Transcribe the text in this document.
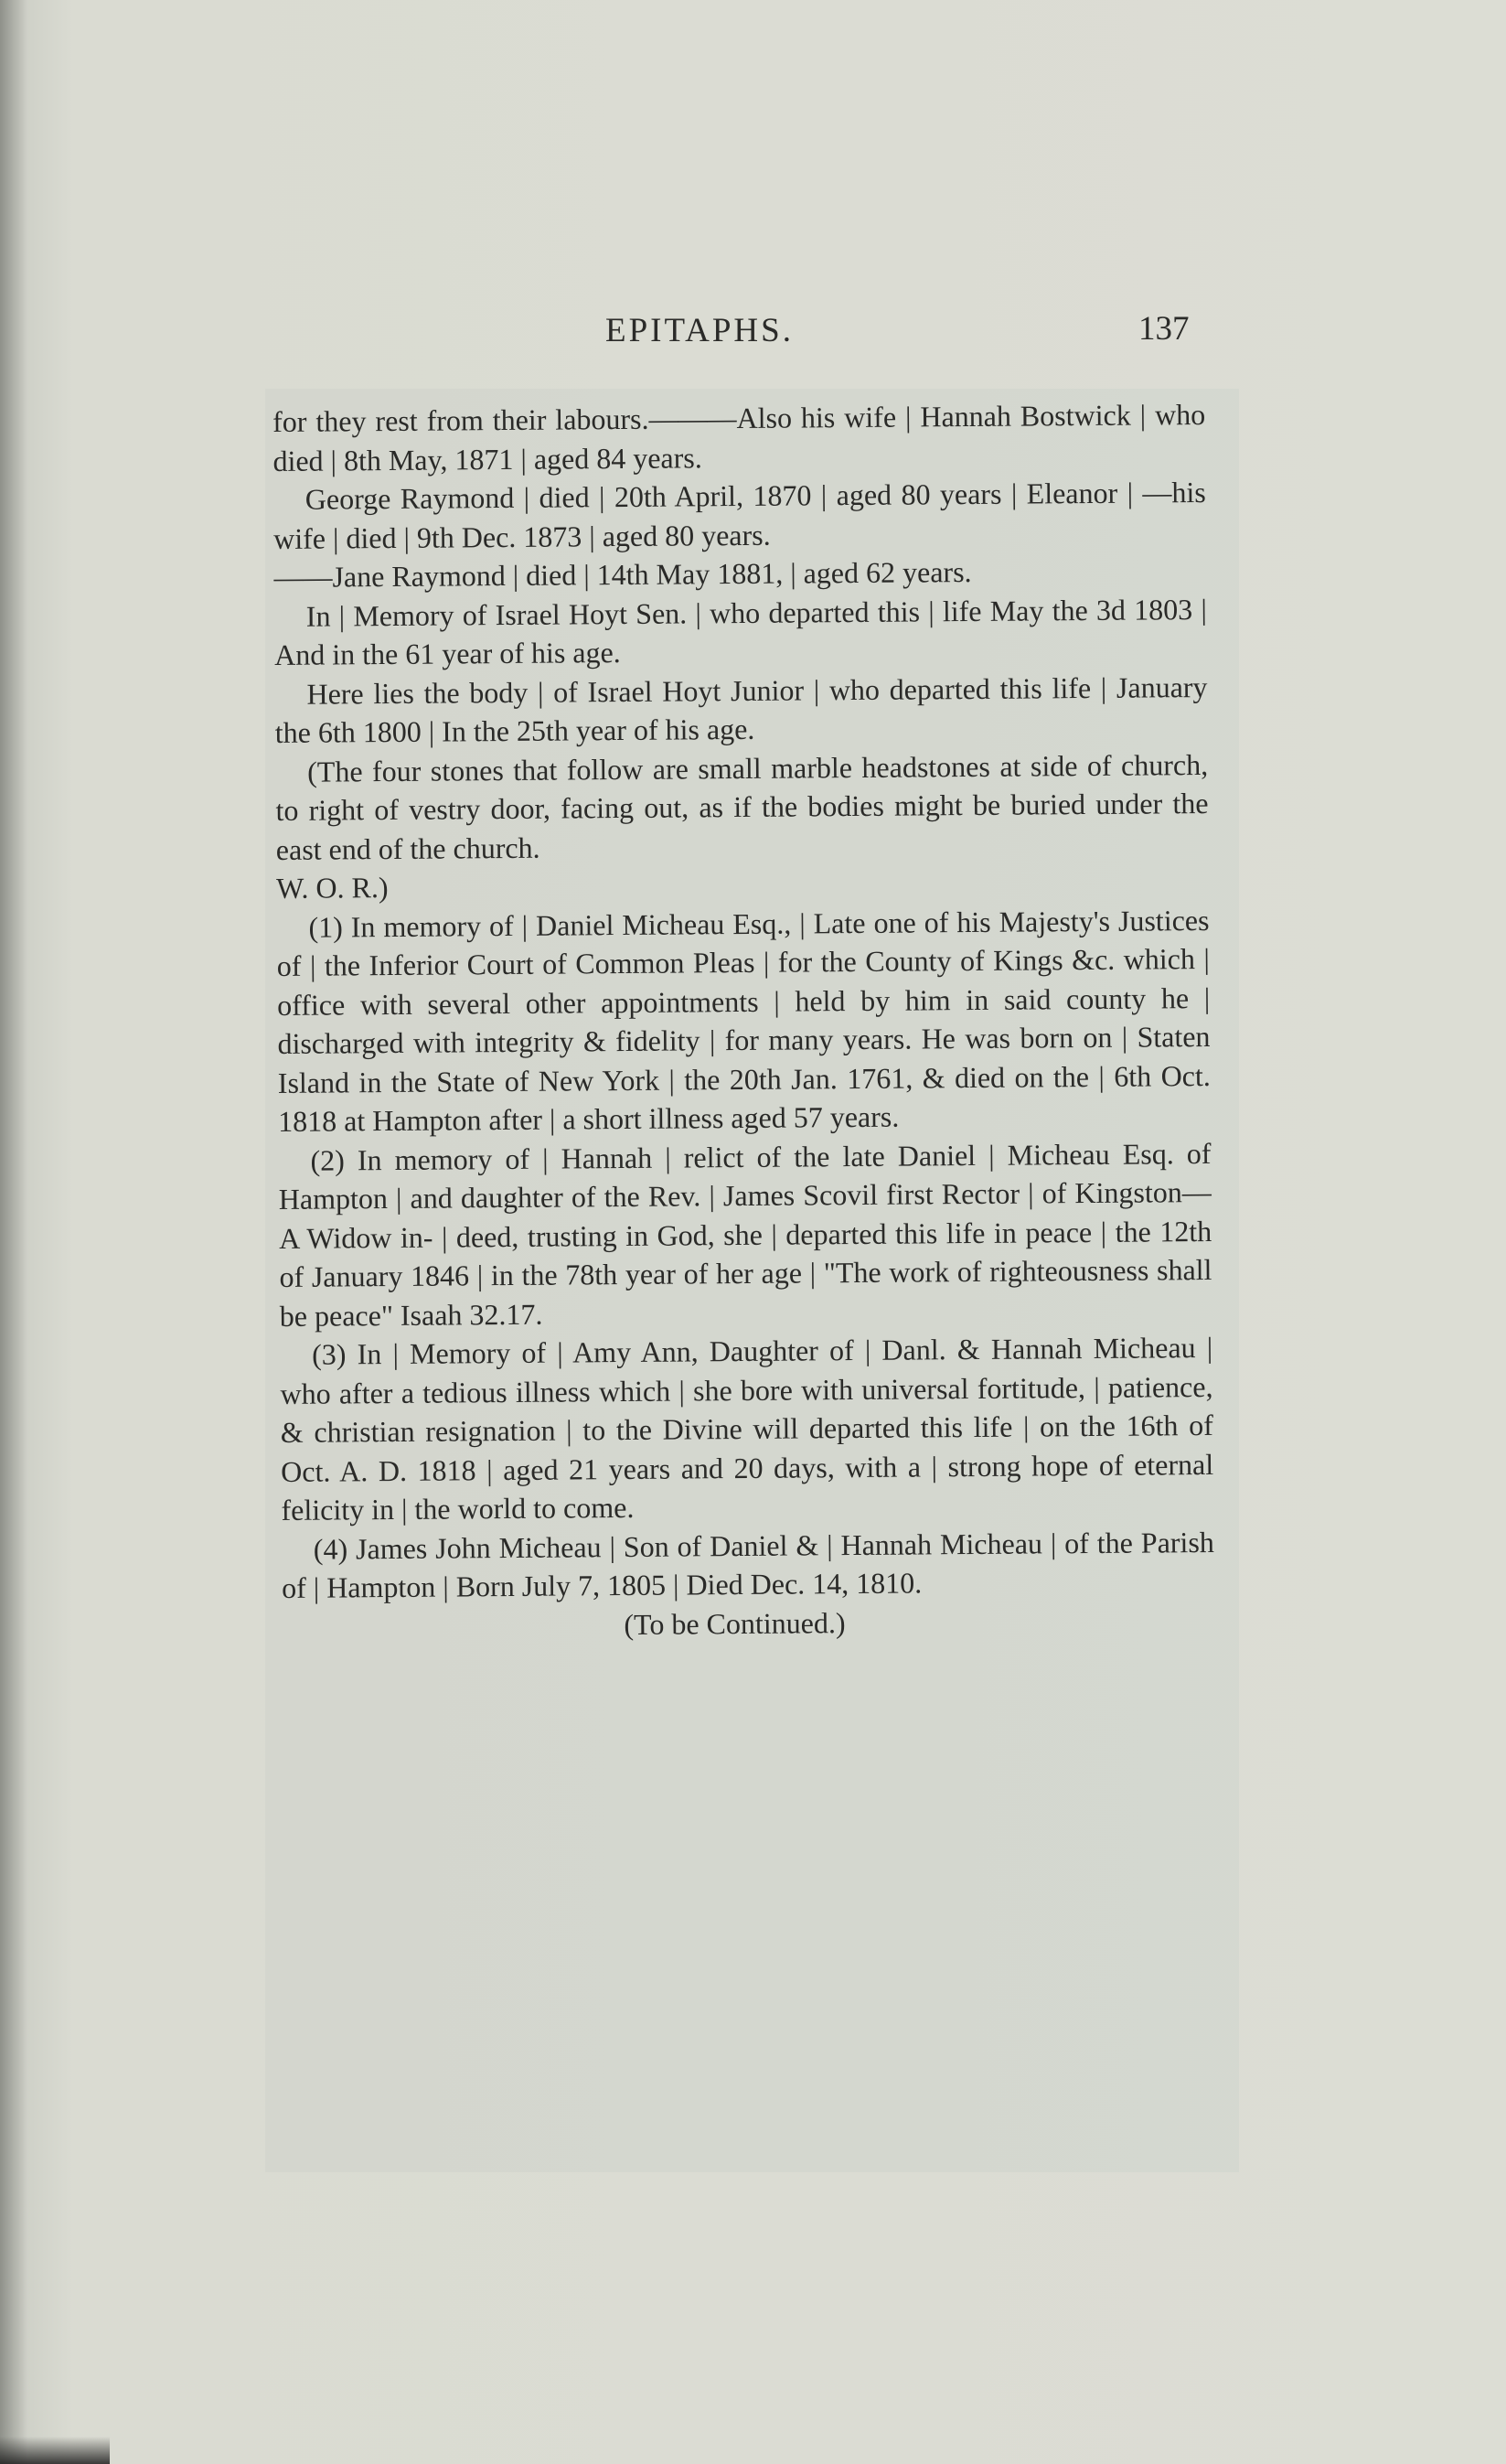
EPITAPHS.	137

for they rest from their labours.———Also his wife | Hannah Bostwick | who died | 8th May, 1871 | aged 84 years.

George Raymond | died | 20th April, 1870 | aged 80 years | Eleanor | —his wife | died | 9th Dec. 1873 | aged 80 years.

——Jane Raymond | died | 14th May 1881, | aged 62 years.

In | Memory of Israel Hoyt Sen. | who departed this | life May the 3d 1803 | And in the 61 year of his age.

Here lies the body | of Israel Hoyt Junior | who departed this life | January the 6th 1800 | In the 25th year of his age.

(The four stones that follow are small marble headstones at side of church, to right of vestry door, facing out, as if the bodies might be buried under the east end of the church.

W. O. R.)

(1) In memory of | Daniel Micheau Esq., | Late one of his Majesty's Justices of | the Inferior Court of Common Pleas | for the County of Kings &c. which | office with several other appointments | held by him in said county he | discharged with integrity & fidelity | for many years. He was born on | Staten Island in the State of New York | the 20th Jan. 1761, & died on the | 6th Oct. 1818 at Hampton after | a short illness aged 57 years.

(2) In memory of | Hannah | relict of the late Daniel | Micheau Esq. of Hampton | and daughter of the Rev. | James Scovil first Rector | of Kingston—A Widow in- | deed, trusting in God, she | departed this life in peace | the 12th of January 1846 | in the 78th year of her age | "The work of righteousness shall be peace" Isaah 32.17.

(3) In | Memory of | Amy Ann, Daughter of | Danl. & Hannah Micheau | who after a tedious illness which | she bore with universal fortitude, | patience, & christian resignation | to the Divine will departed this life | on the 16th of Oct. A. D. 1818 | aged 21 years and 20 days, with a | strong hope of eternal felicity in | the world to come.

(4) James John Micheau | Son of Daniel & | Hannah Micheau | of the Parish of | Hampton | Born July 7, 1805 | Died Dec. 14, 1810.

(To be Continued.)
